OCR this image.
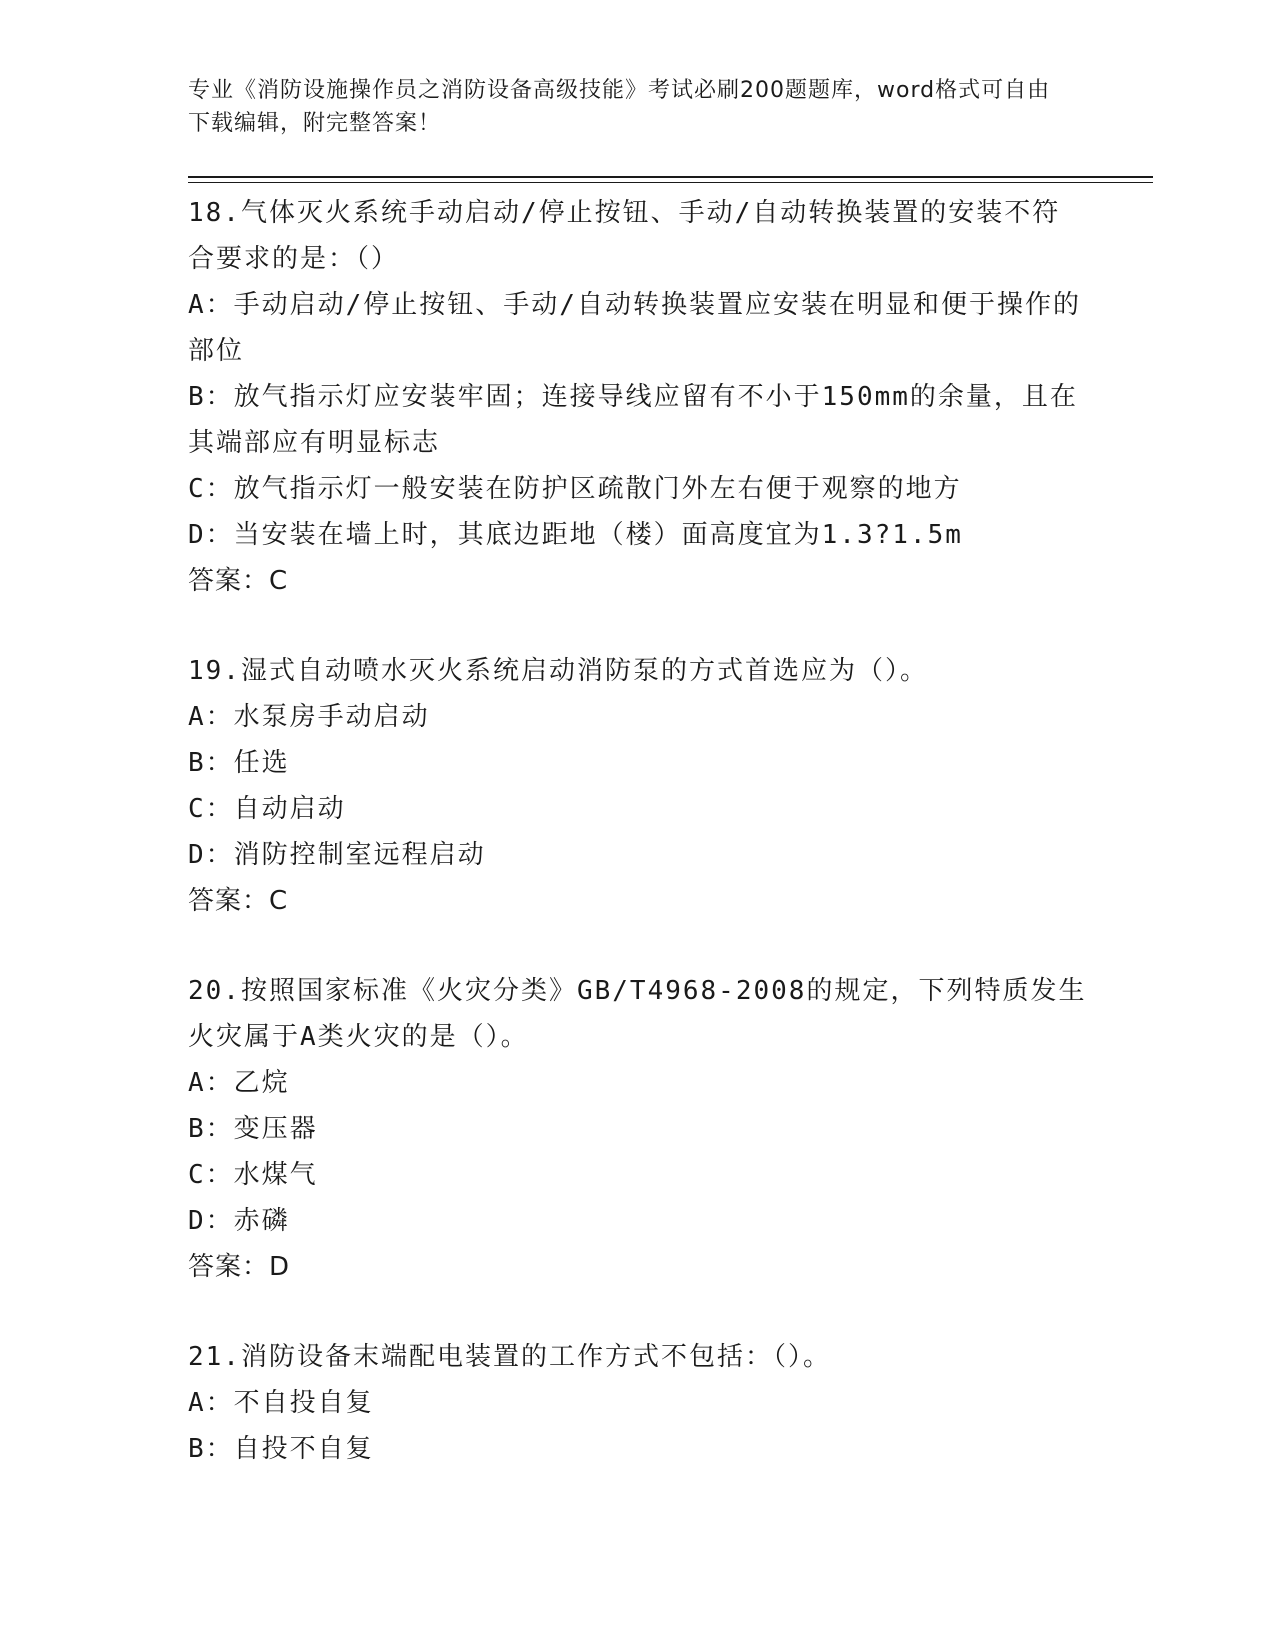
专业《消防设施操作员之消防设备高级技能》考试必刷200题题库，word格式可自由下载编辑，附完整答案！

18.气体灭火系统手动启动/停止按钮、手动/自动转换装置的安装不符合要求的是：（）

A：手动启动/停止按钮、手动/自动转换装置应安装在明显和便于操作的部位

B：放气指示灯应安装牢固；连接导线应留有不小于150mm的余量，且在其端部应有明显标志

C：放气指示灯一般安装在防护区疏散门外左右便于观察的地方

D：当安装在墙上时，其底边距地（楼）面高度宜为1.3?1.5m

答案：C

19.湿式自动喷水灭火系统启动消防泵的方式首选应为（）。

A：水泵房手动启动

B：任选

C：自动启动

D：消防控制室远程启动

答案：C

20.按照国家标准《火灾分类》GB/T4968-2008的规定，下列特质发生火灾属于A类火灾的是（）。

A：乙烷

B：变压器

C：水煤气

D：赤磷

答案：D

21.消防设备末端配电装置的工作方式不包括：（）。

A：不自投自复

B：自投不自复
